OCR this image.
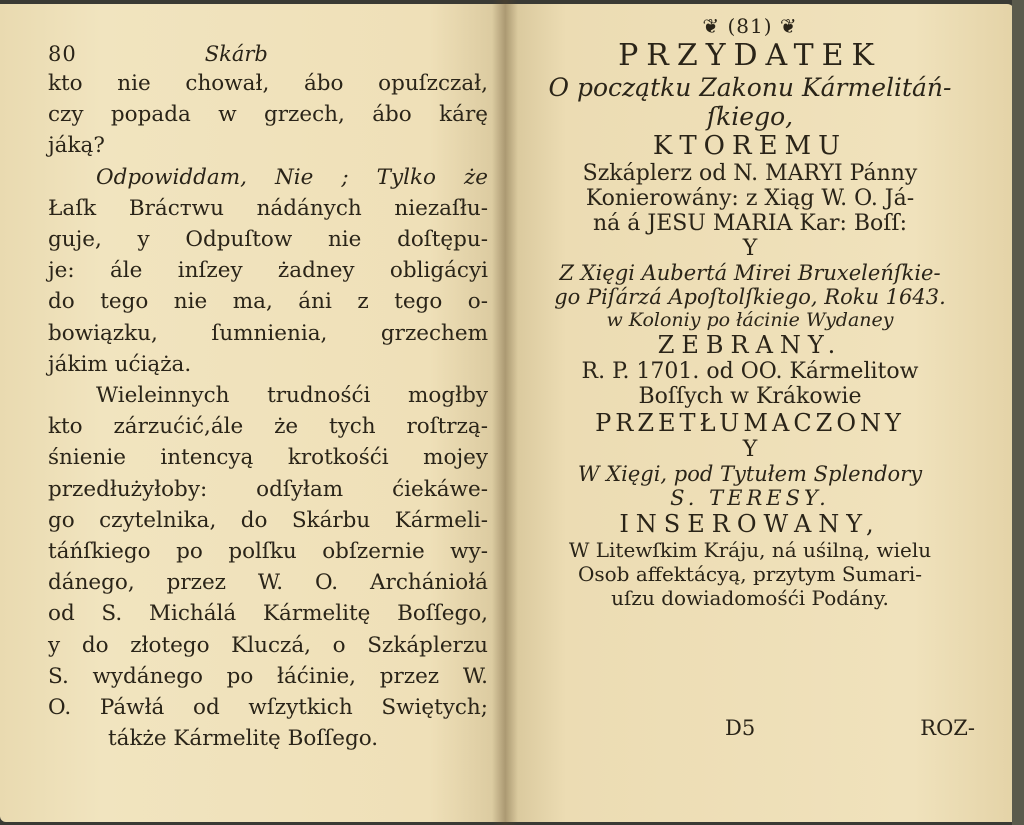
80	Skárb
kto nie chował, ábo opuſzczał,
czy popada w grzech, ábo kárę
jáką?
Odpowiddam, Nie ; Tylko że
Łaſk Brácтwu nádánych niezaſłu-
guje, y Odpuſtow nie doſtępu-
je: ále inſzey żadney obligácyi
do tego nie ma, áni z tego o-
bowiązku, ſumnienia, grzechem
jákim ućiąża.
Wieleinnych trudnośći mogłby
kto zárzućić,ále że tych roſtrzą-
śnienie intencyą krotkośći mojey
przedłużyłoby: odſyłam ćiekáwe-
go czytelnika, do Skárbu Kármeli-
táńſkiego po polſku obſzernie wy-
dánego, przez W. O. Archániołá
od S. Michálá Kármelitę Boſſego,
y do złotego Kluczá, o Szkáplerzu
S. wydánego po łáćinie, przez W.
O. Páwłá od wſzytkich Swiętych;
tákże Kármelitę Boſſego.
❦ (81) ❦
PRZYDATEK
O początku Zakonu Kármelitáń-
ſkiego,
KTOREMU
Szkáplerz od N. MARYI Pánny
Konierowány: z Xiąg W. O. Já-
ná á JESU MARIA Kar: Boſſ:
Y
Z Xięgi Aubertá Mirei Bruxeleńſkie-
go Piſárzá Apoſtolſkiego, Roku 1643.
w Koloniy po łácinie Wydaney
ZEBRANY.
R. P. 1701. od OO. Kármelitow
Boſſych w Krákowie
PRZETŁUMACZONY
Y
W Xięgi, pod Tytułem Splendory
S. TERESY.
INSEROWANY,
W Litewſkim Kráju, ná uśilną, wielu
Osob affektácyą, przytym Sumari-
uſzu dowiadomośći Podány.
D5	ROZ-
